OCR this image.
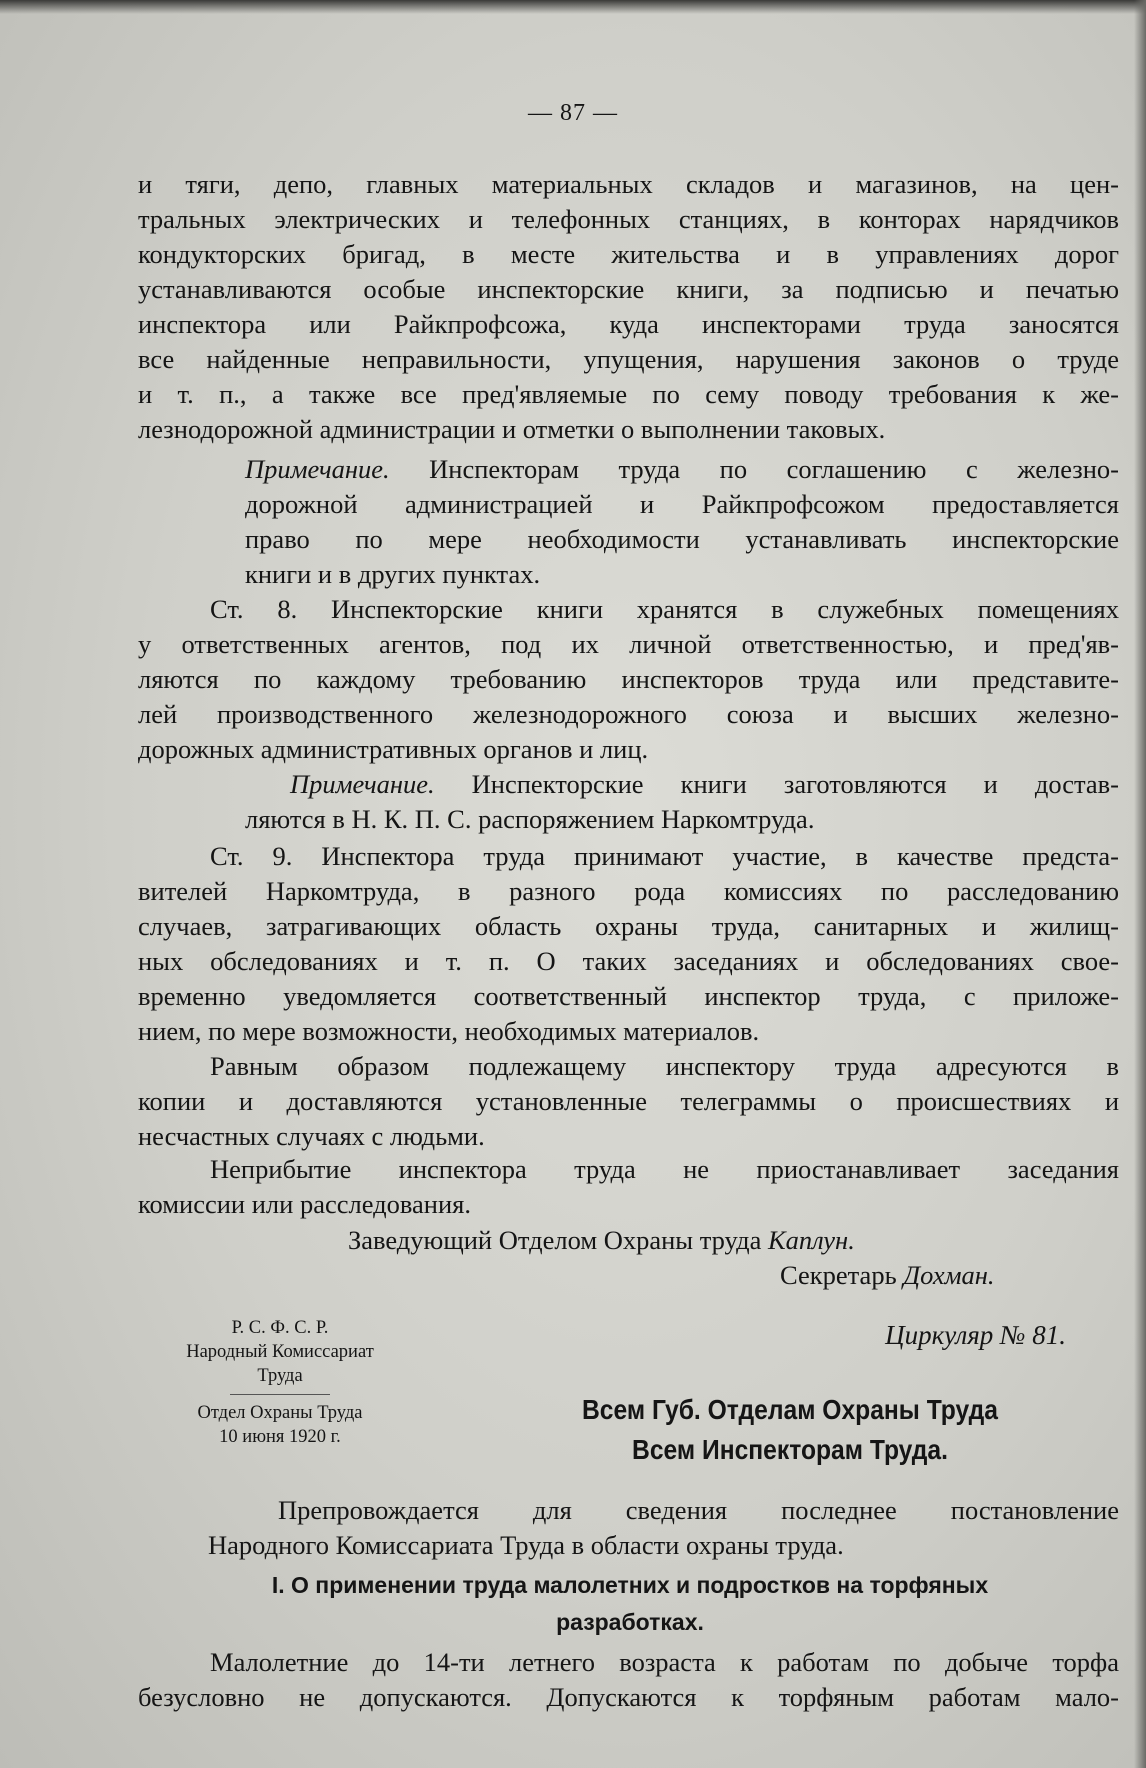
— 87 —
и тяги, депо, главных материальных складов и магазинов, на цен-
тральных электрических и телефонных станциях, в конторах нарядчиков
кондукторских бригад, в месте жительства и в управлениях дорог
устанавливаются особые инспекторские книги, за подписью и печатью
инспектора или Райкпрофсожа, куда инспекторами труда заносятся
все найденные неправильности, упущения, нарушения законов о труде
и т. п., а также все пред'являемые по сему поводу требования к же-
лезнодорожной администрации и отметки о выполнении таковых.
Примечание. Инспекторам труда по соглашению с железно-
дорожной администрацией и Райкпрофсожом предоставляется
право по мере необходимости устанавливать инспекторские
книги и в других пунктах.
Ст. 8. Инспекторские книги хранятся в служебных помещениях
у ответственных агентов, под их личной ответственностью, и пред'яв-
ляются по каждому требованию инспекторов труда или представите-
лей производственного железнодорожного союза и высших железно-
дорожных административных органов и лиц.
Примечание. Инспекторские книги заготовляются и достав-
ляются в Н. К. П. С. распоряжением Наркомтруда.
Ст. 9. Инспектора труда принимают участие, в качестве предста-
вителей Наркомтруда, в разного рода комиссиях по расследованию
случаев, затрагивающих область охраны труда, санитарных и жилищ-
ных обследованиях и т. п. О таких заседаниях и обследованиях свое-
временно уведомляется соответственный инспектор труда, с приложе-
нием, по мере возможности, необходимых материалов.
Равным образом подлежащему инспектору труда адресуются в
копии и доставляются установленные телеграммы о происшествиях и
несчастных случаях с людьми.
Неприбытие инспектора труда не приостанавливает заседания
комиссии или расследования.
Заведующий Отделом Охраны труда Каплун.
Секретарь Дохман.
Р. С. Ф. С. Р.
Народный Комиссариат
Труда
Отдел Охраны Труда
10 июня 1920 г.
Циркуляр № 81.
Всем Губ. Отделам Охраны Труда
Всем Инспекторам Труда.
Препровождается для сведения последнее постановление
Народного Комиссариата Труда в области охраны труда.
I. О применении труда малолетних и подростков на торфяных
разработках.
Малолетние до 14-ти летнего возраста к работам по добыче торфа
безусловно не допускаются. Допускаются к торфяным работам мало-
